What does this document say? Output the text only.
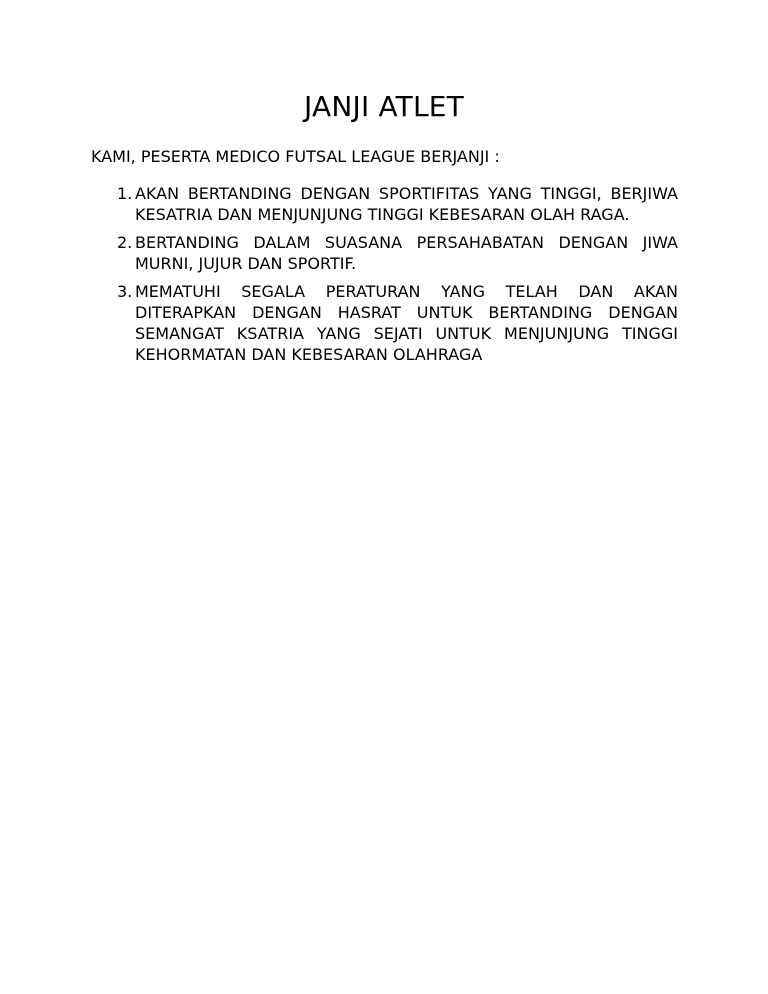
JANJI ATLET
KAMI, PESERTA MEDICO FUTSAL LEAGUE BERJANJI :
1. AKAN BERTANDING DENGAN SPORTIFITAS YANG TINGGI, BERJIWA KESATRIA DAN MENJUNJUNG TINGGI KEBESARAN OLAH RAGA.
2. BERTANDING DALAM SUASANA PERSAHABATAN DENGAN JIWA MURNI, JUJUR DAN SPORTIF.
3. MEMATUHI SEGALA PERATURAN YANG TELAH DAN AKAN DITERAPKAN DENGAN HASRAT UNTUK BERTANDING DENGAN SEMANGAT KSATRIA YANG SEJATI UNTUK MENJUNJUNG TINGGI KEHORMATAN DAN KEBESARAN OLAHRAGA
